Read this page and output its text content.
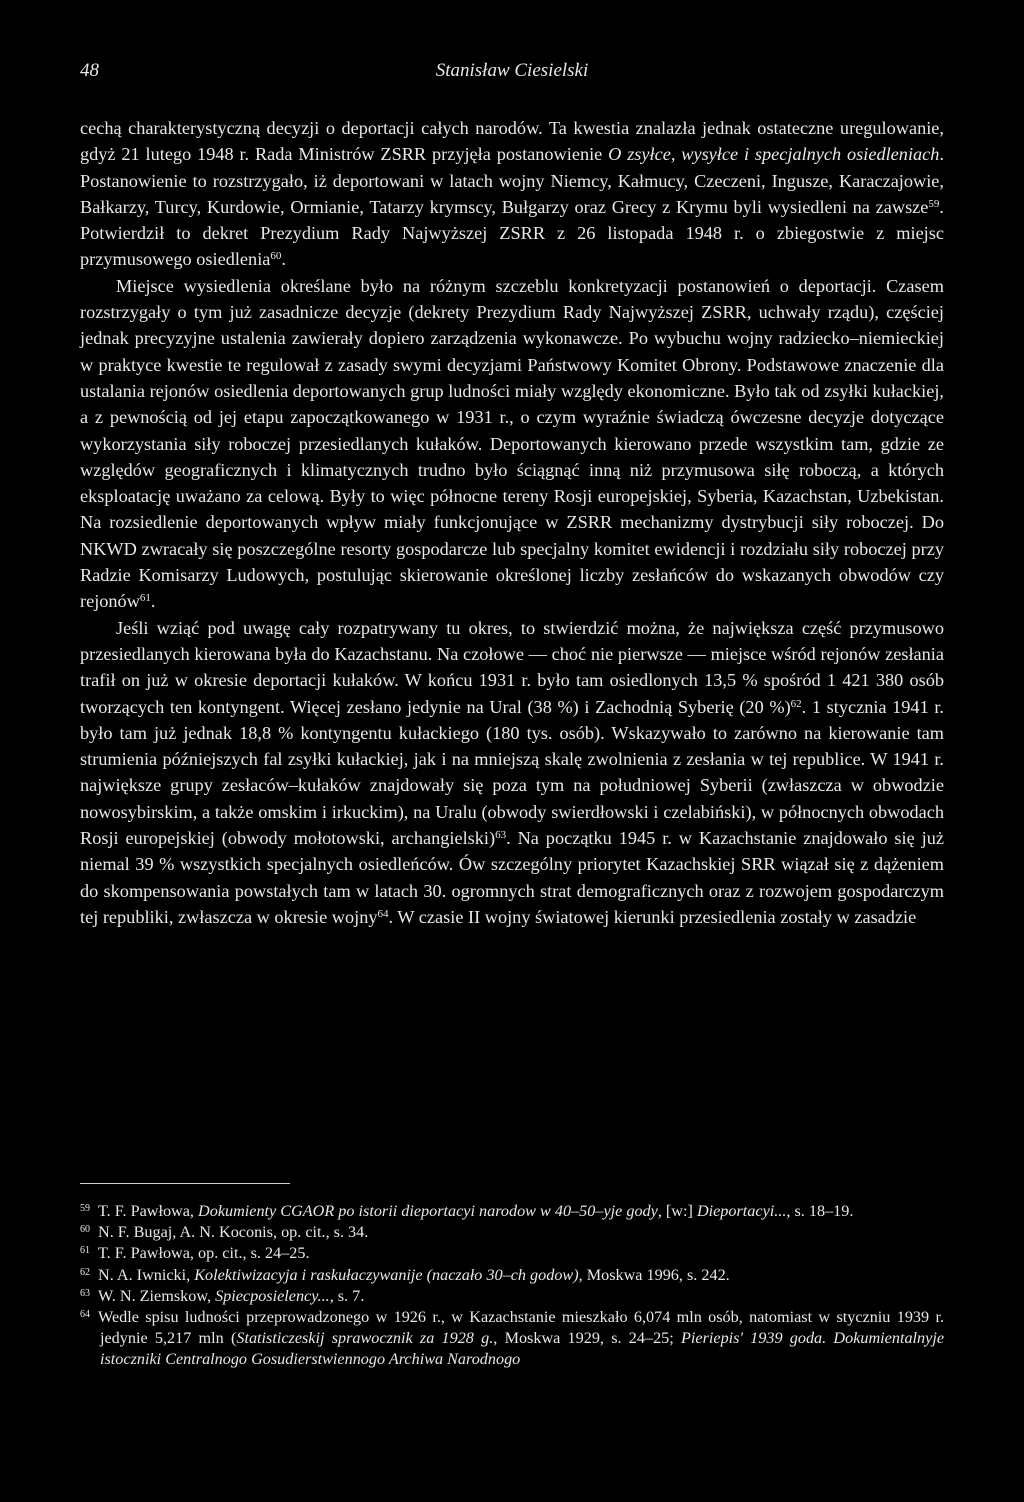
48	Stanisław Ciesielski

cechą charakterystyczną decyzji o deportacji całych narodów. Ta kwestia znalazła jednak ostateczne uregulowanie, gdyż 21 lutego 1948 r. Rada Ministrów ZSRR przyjęła postanowienie O zsyłce, wysyłce i specjalnych osiedleniach. Postanowienie to rozstrzygało, iż deportowani w latach wojny Niemcy, Kałmucy, Czeczeni, Ingusze, Karaczajowie, Bałkarzy, Turcy, Kurdowie, Ormianie, Tatarzy krymscy, Bułgarzy oraz Grecy z Krymu byli wysiedleni na zawsze$^{59}$. Potwierdził to dekret Prezydium Rady Najwyższej ZSRR z 26 listopada 1948 r. o zbiegostwie z miejsc przymusowego osiedlenia$^{60}$.

Miejsce wysiedlenia określane było na różnym szczeblu konkretyzacji postanowień o deportacji. Czasem rozstrzygały o tym już zasadnicze decyzje (dekrety Prezydium Rady Najwyższej ZSRR, uchwały rządu), częściej jednak precyzyjne ustalenia zawierały dopiero zarządzenia wykonawcze. Po wybuchu wojny radziecko–niemieckiej w praktyce kwestie te regulował z zasady swymi decyzjami Państwowy Komitet Obrony. Podstawowe znaczenie dla ustalania rejonów osiedlenia deportowanych grup ludności miały względy ekonomiczne. Było tak od zsyłki kułackiej, a z pewnością od jej etapu zapoczątkowanego w 1931 r., o czym wyraźnie świadczą ówczesne decyzje dotyczące wykorzystania siły roboczej przesiedlanych kułaków. Deportowanych kierowano przede wszystkim tam, gdzie ze względów geograficznych i klimatycznych trudno było ściągnąć inną niż przymusowa siłę roboczą, a których eksploatację uważano za celową. Były to więc północne tereny Rosji europejskiej, Syberia, Kazachstan, Uzbekistan. Na rozsiedlenie deportowanych wpływ miały funkcjonujące w ZSRR mechanizmy dystrybucji siły roboczej. Do NKWD zwracały się poszczególne resorty gospodarcze lub specjalny komitet ewidencji i rozdziału siły roboczej przy Radzie Komisarzy Ludowych, postulując skierowanie określonej liczby zesłańców do wskazanych obwodów czy rejonów$^{61}$.

Jeśli wziąć pod uwagę cały rozpatrywany tu okres, to stwierdzić można, że największa część przymusowo przesiedlanych kierowana była do Kazachstanu. Na czołowe — choć nie pierwsze — miejsce wśród rejonów zesłania trafił on już w okresie deportacji kułaków. W końcu 1931 r. było tam osiedlonych 13,5 % spośród 1 421 380 osób tworzących ten kontyngent. Więcej zesłano jedynie na Ural (38 %) i Zachodnią Syberię (20 %)$^{62}$. 1 stycznia 1941 r. było tam już jednak 18,8 % kontyngentu kułackiego (180 tys. osób). Wskazywało to zarówno na kierowanie tam strumienia późniejszych fal zsyłki kułackiej, jak i na mniejszą skalę zwolnienia z zesłania w tej republice. W 1941 r. największe grupy zesłaców–kułaków znajdowały się poza tym na południowej Syberii (zwłaszcza w obwodzie nowosybirskim, a także omskim i irkuckim), na Uralu (obwody swierdłowski i czelabiński), w północnych obwodach Rosji europejskiej (obwody mołotowski, archangielski)$^{63}$. Na początku 1945 r. w Kazachstanie znajdowało się już niemal 39 % wszystkich specjalnych osiedleńców. Ów szczególny priorytet Kazachskiej SRR wiązał się z dążeniem do skompensowania powstałych tam w latach 30. ogromnych strat demograficznych oraz z rozwojem gospodarczym tej republiki, zwłaszcza w okresie wojny$^{64}$. W czasie II wojny światowej kierunki przesiedlenia zostały w zasadzie

59 T. F. Pawłowa, Dokumienty CGAOR po istorii dieportacyi narodow w 40–50–yje gody, [w:] Dieportacyi..., s. 18–19.

60 N. F. Bugaj, A. N. Koconis, op. cit., s. 34.

61 T. F. Pawłowa, op. cit., s. 24–25.

62 N. A. Iwnicki, Kolektiwizacyja i raskułaczywanije (naczało 30–ch godow), Moskwa 1996, s. 242.

63 W. N. Ziemskow, Spiecposielency..., s. 7.

64 Wedle spisu ludności przeprowadzonego w 1926 r., w Kazachstanie mieszkało 6,074 mln osób, natomiast w styczniu 1939 r. jedynie 5,217 mln (Statisticzeskij sprawocznik za 1928 g., Moskwa 1929, s. 24–25; Pieriepis' 1939 goda. Dokumientalnyje istoczniki Centralnogo Gosudierstwiennogo Archiwa Narodnogo
